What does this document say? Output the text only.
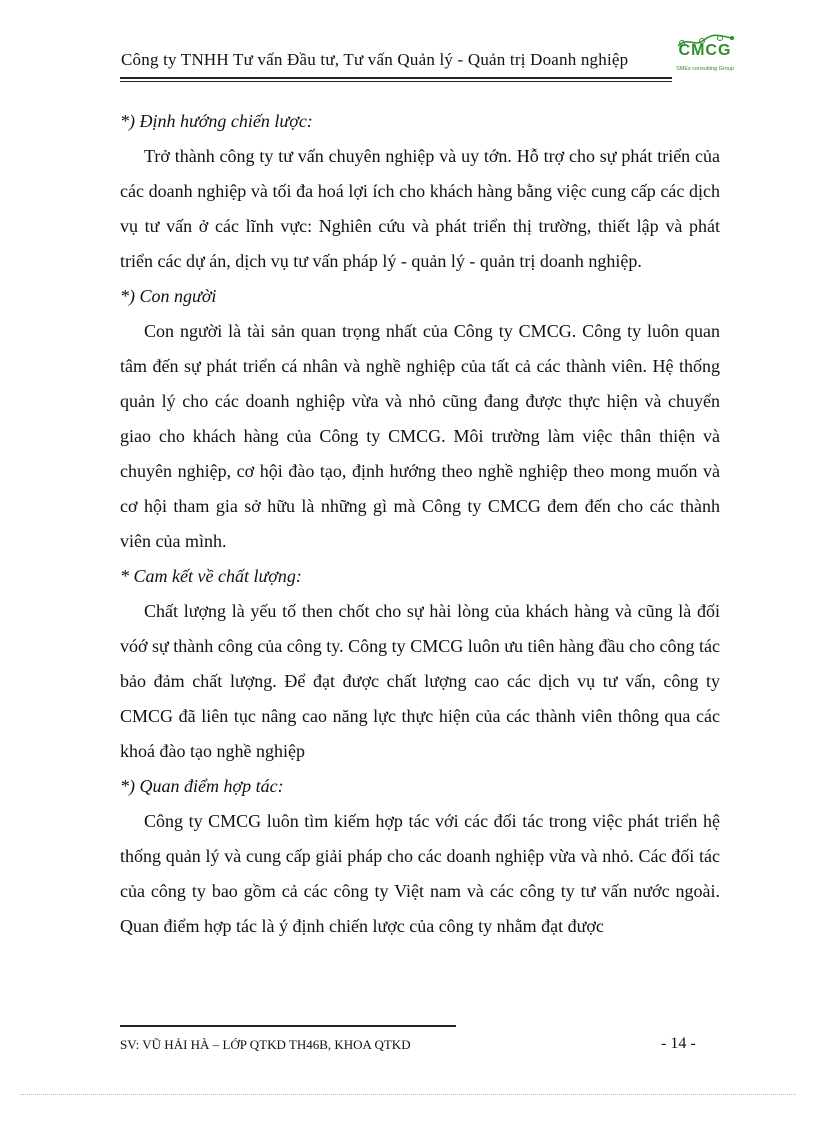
Công ty TNHH Tư vấn Đầu tư, Tư vấn Quản lý - Quản trị Doanh nghiệp	CMCG
SMEs consulting Group

*) Định hướng chiến lược:

Trở thành công ty tư vấn chuyên nghiệp và uy tớn. Hỗ trợ cho sự phát triển của các doanh nghiệp và tối đa hoá lợi ích cho khách hàng bằng việc cung cấp các dịch vụ tư vấn ở các lĩnh vực: Nghiên cứu và phát triển thị trường, thiết lập và phát triển các dự án, dịch vụ tư vấn pháp lý - quản lý - quản trị doanh nghiệp.

*) Con người

Con người là tài sản quan trọng nhất của Công ty CMCG. Công ty luôn quan tâm đến sự phát triển cá nhân và nghề nghiệp của tất cả các thành viên. Hệ thống quản lý cho các doanh nghiệp vừa và nhỏ cũng đang được thực hiện và chuyển giao cho khách hàng của Công ty CMCG. Môi trường làm việc thân thiện và chuyên nghiệp, cơ hội đào tạo, định hướng theo nghề nghiệp theo mong muốn và cơ hội tham gia sở hữu là những gì mà Công ty CMCG đem đến cho các thành viên của mình.

* Cam kết về chất lượng:

Chất lượng là yếu tố then chốt cho sự hài lòng của khách hàng và cũng là đối vóớ sự thành công của công ty. Công ty CMCG luôn ưu tiên hàng đầu cho công tác bảo đảm chất lượng. Để đạt được chất lượng cao các dịch vụ tư vấn, công ty CMCG đã liên tục nâng cao năng lực thực hiện của các thành viên thông qua các khoá đào tạo nghề nghiệp

*) Quan điểm hợp tác:

Công ty CMCG luôn tìm kiếm hợp tác với các đối tác trong việc phát triển hệ thống quản lý và cung cấp giải pháp cho các doanh nghiệp vừa và nhỏ. Các đối tác của công ty bao gồm cả các công ty Việt nam và các công ty tư vấn nước ngoài. Quan điểm hợp tác là ý định chiến lược của công ty nhằm đạt được

SV: VŨ HẢI HÀ – LỚP QTKD TH46B, KHOA QTKD	- 14 -
